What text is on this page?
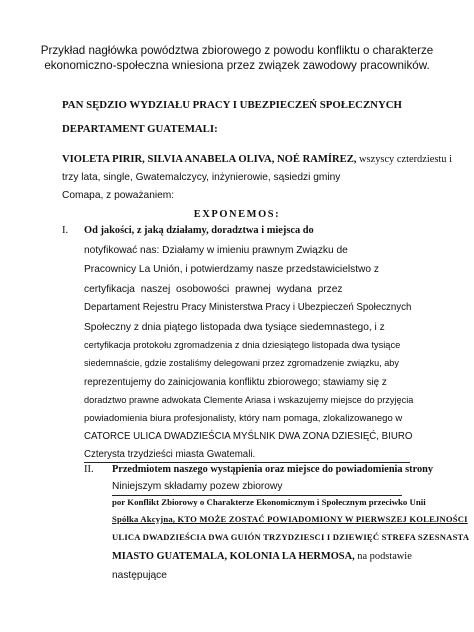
Przykład nagłówka powództwa zbiorowego z powodu konfliktu o charakterze
ekonomiczno-społeczna wniesiona przez związek zawodowy pracowników.
PAN SĘDZIO WYDZIAŁU PRACY I UBEZPIECZEŃ SPOŁECZNYCH
DEPARTAMENT GUATEMALI:
VIOLETA PIRIR, SILVIA ANABELA OLIVA, NOÉ RAMÍREZ, wszyscy czterdziestu i
trzy lata, single, Gwatemalczycy, inżynierowie, sąsiedzi gminy
Comapa, z poważaniem:
EXPONEMOS:
I. Od jakości, z jaką działamy, doradztwa i miejsca do
notyfikować nas: Działamy w imieniu prawnym Związku de
Pracownicy La Unión, i potwierdzamy nasze przedstawicielstwo z
certyfikacja naszej osobowości prawnej wydana przez
Departament Rejestru Pracy Ministerstwa Pracy i Ubezpieczeń Społecznych
Społeczny z dnia piątego listopada dwa tysiące siedemnastego, i z
certyfikacja protokołu zgromadzenia z dnia dziesiątego listopada dwa tysiące
siedemnaście, gdzie zostaliśmy delegowani przez zgromadzenie związku, aby
reprezentujemy do zainicjowania konfliktu zbiorowego; stawiamy się z
doradztwo prawne adwokata Clemente Ariasa i wskazujemy miejsce do przyjęcia
powiadomienia biura profesjonalisty, który nam pomaga, zlokalizowanego w
CATORCE ULICA DWADZIEŚCIA MYŚLNIK DWA ZONA DZIESIĘĆ, BIURO
Czterysta trzydzieści miasta Gwatemali.
II. Przedmiotem naszego wystąpienia oraz miejsce do powiadomienia strony
Niniejszym składamy pozew zbiorowy
por Konflikt Zbiorowy o Charakterze Ekonomicznym i Społecznym przeciwko Unii
Spółka Akcyjna, KTO MOŻE ZOSTAĆ POWIADOMIONY W PIERWSZEJ KOLEJNOŚCI
ULICA DWADZIEŚCIA DWA GUIÓN TRZYDZIESCI I DZIEWIĘĆ STREFA SZESNASTA
MIASTO GUATEMALA, KOLONIA LA HERMOSA, na podstawie
następujące
